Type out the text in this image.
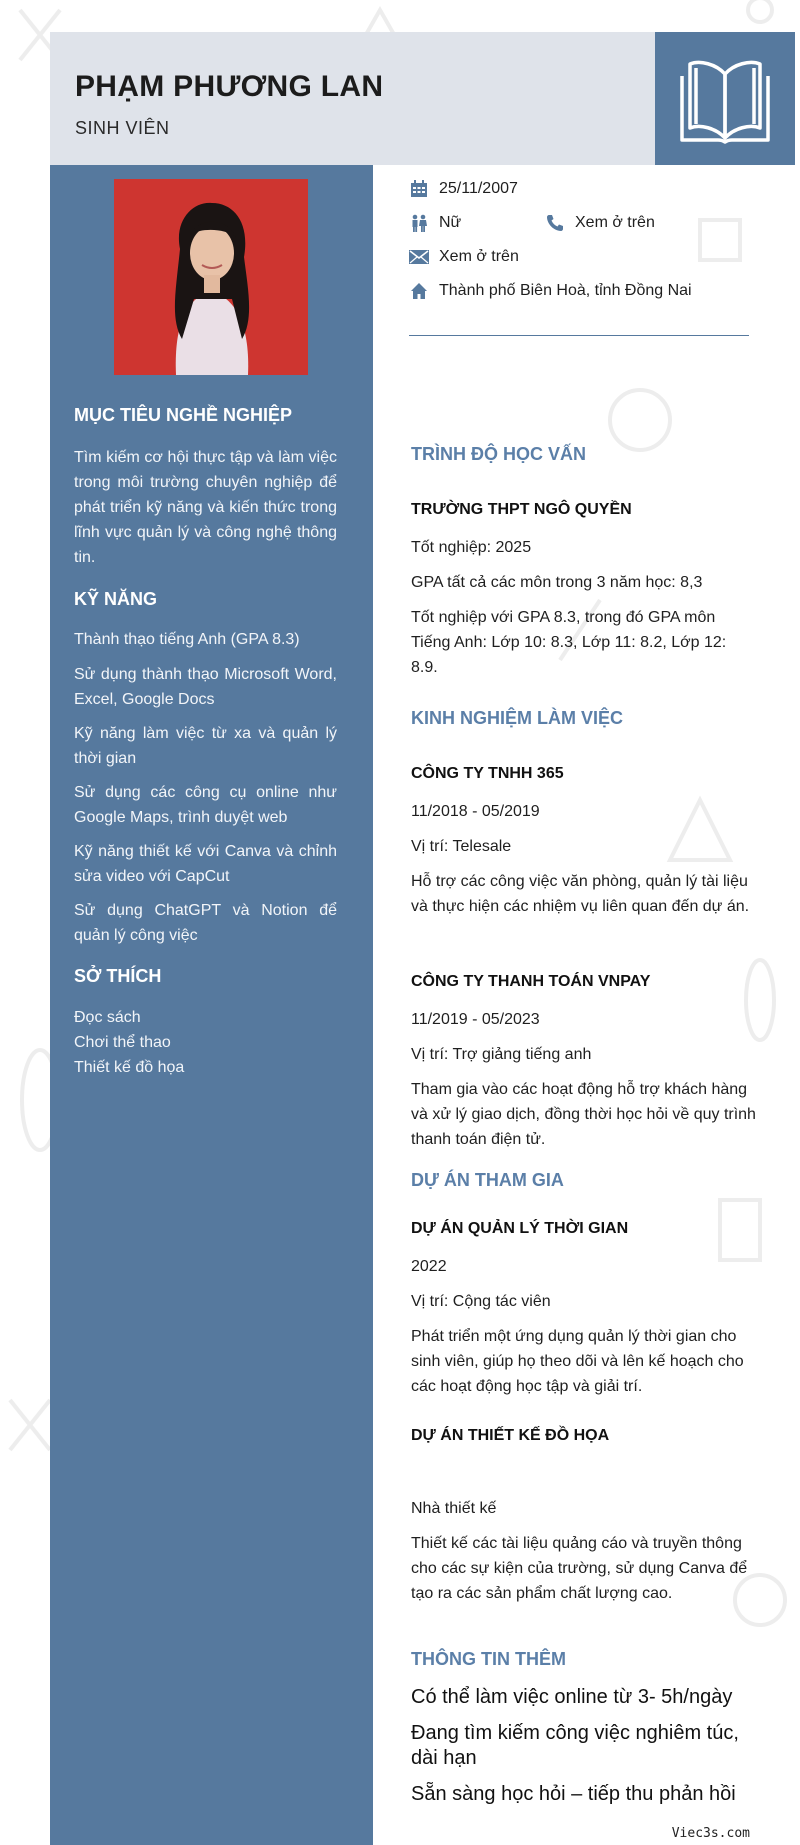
PHẠM PHƯƠNG LAN
SINH VIÊN
MỤC TIÊU NGHỀ NGHIỆP
Tìm kiếm cơ hội thực tập và làm việc trong môi trường chuyên nghiệp để phát triển kỹ năng và kiến thức trong lĩnh vực quản lý và công nghệ thông tin.
KỸ NĂNG
Thành thạo tiếng Anh (GPA 8.3)
Sử dụng thành thạo Microsoft Word, Excel, Google Docs
Kỹ năng làm việc từ xa và quản lý thời gian
Sử dụng các công cụ online như Google Maps, trình duyệt web
Kỹ năng thiết kế với Canva và chỉnh sửa video với CapCut
Sử dụng ChatGPT và Notion để quản lý công việc
SỞ THÍCH
Đọc sách
Chơi thể thao
Thiết kế đồ họa
25/11/2007
Nữ	Xem ở trên
Xem ở trên
Thành phố Biên Hoà, tỉnh Đồng Nai
TRÌNH ĐỘ HỌC VẤN
TRƯỜNG THPT NGÔ QUYỀN
Tốt nghiệp: 2025
GPA tất cả các môn trong 3 năm học: 8,3
Tốt nghiệp với GPA 8.3, trong đó GPA môn Tiếng Anh: Lớp 10: 8.3, Lớp 11: 8.2, Lớp 12: 8.9.
KINH NGHIỆM LÀM VIỆC
CÔNG TY TNHH 365
11/2018 - 05/2019
Vị trí: Telesale
Hỗ trợ các công việc văn phòng, quản lý tài liệu và thực hiện các nhiệm vụ liên quan đến dự án.
CÔNG TY THANH TOÁN VNPAY
11/2019 - 05/2023
Vị trí: Trợ giảng tiếng anh
Tham gia vào các hoạt động hỗ trợ khách hàng và xử lý giao dịch, đồng thời học hỏi về quy trình thanh toán điện tử.
DỰ ÁN THAM GIA
DỰ ÁN QUẢN LÝ THỜI GIAN
2022
Vị trí: Cộng tác viên
Phát triển một ứng dụng quản lý thời gian cho sinh viên, giúp họ theo dõi và lên kế hoạch cho các hoạt động học tập và giải trí.
DỰ ÁN THIẾT KẾ ĐỒ HỌA
Nhà thiết kế
Thiết kế các tài liệu quảng cáo và truyền thông cho các sự kiện của trường, sử dụng Canva để tạo ra các sản phẩm chất lượng cao.
THÔNG TIN THÊM
Có thể làm việc online từ 3- 5h/ngày
Đang tìm kiếm công việc nghiêm túc, dài hạn
Sẵn sàng học hỏi – tiếp thu phản hồi
Viec3s.com
